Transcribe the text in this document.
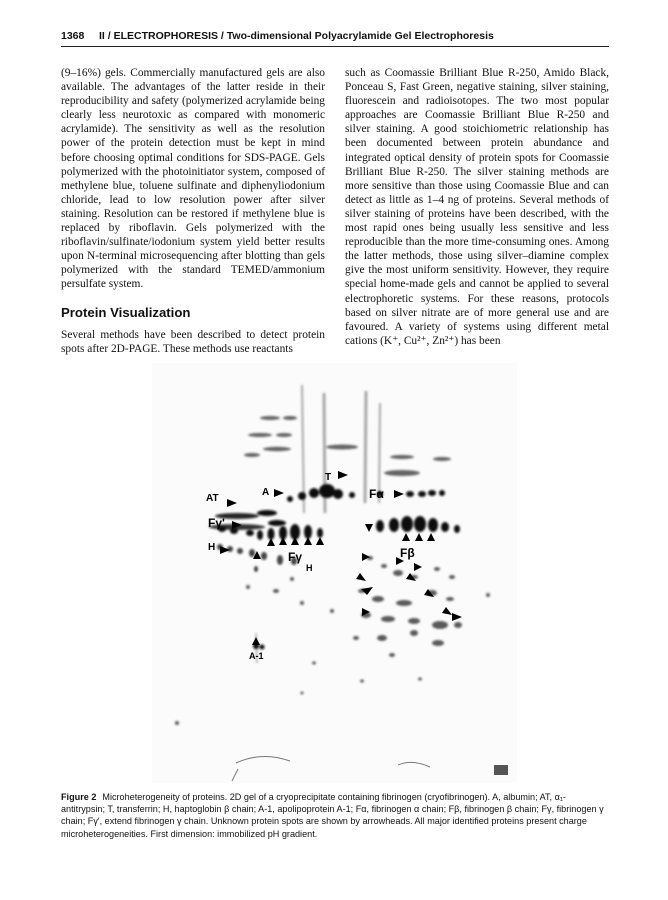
1368 II / ELECTROPHORESIS / Two-dimensional Polyacrylamide Gel Electrophoresis

(9–16%) gels. Commercially manufactured gels are also available. The advantages of the latter reside in their reproducibility and safety (polymerized acrylamide being clearly less neurotoxic as compared with monomeric acrylamide). The sensitivity as well as the resolution power of the protein detection must be kept in mind before choosing optimal conditions for SDS-PAGE. Gels polymerized with the photoinitiator system, composed of methylene blue, toluene sulfinate and diphenyliodonium chloride, lead to low resolution power after silver staining. Resolution can be restored if methylene blue is replaced by riboflavin. Gels polymerized with the riboflavin/sulfinate/iodonium system yield better results upon N-terminal microsequencing after blotting than gels polymerized with the standard TEMED/ammonium persulfate system.

Protein Visualization

Several methods have been described to detect protein spots after 2D-PAGE. These methods use reactants

such as Coomassie Brilliant Blue R-250, Amido Black, Ponceau S, Fast Green, negative staining, silver staining, fluorescein and radioisotopes. The two most popular approaches are Coomassie Brilliant Blue R-250 and silver staining. A good stoichiometric relationship has been documented between protein abundance and integrated optical density of protein spots for Coomassie Brilliant Blue R-250. The silver staining methods are more sensitive than those using Coomassie Blue and can detect as little as 1–4 ng of proteins. Several methods of silver staining of proteins have been described, with the most rapid ones being usually less sensitive and less reproducible than the more time-consuming ones. Among the latter methods, those using silver–diamine complex give the most uniform sensitivity. However, they require special home-made gels and cannot be applied to several electrophoretic systems. For these reasons, protocols based on silver nitrate are of more general use and are favoured. A variety of systems using different metal cations (K⁺, Cu²⁺, Zn²⁺) has been

T
A
AT	Fα
Fγ'
Fβ
H
Fγ
H
A-1
Figure 2 Microheterogeneity of proteins. 2D gel of a cryoprecipitate containing fibrinogen (cryofibrinogen). A, albumin; AT, α₁-antitrypsin; T, transferrin; H, haptoglobin β chain; A-1, apolipoprotein A-1; Fα, fibrinogen α chain; Fβ, fibrinogen β chain; Fγ, fibrinogen γ chain; Fγ', extend fibrinogen γ chain. Unknown protein spots are shown by arrowheads. All major identified proteins present charge microheterogeneities. First dimension: immobilized pH gradient.
